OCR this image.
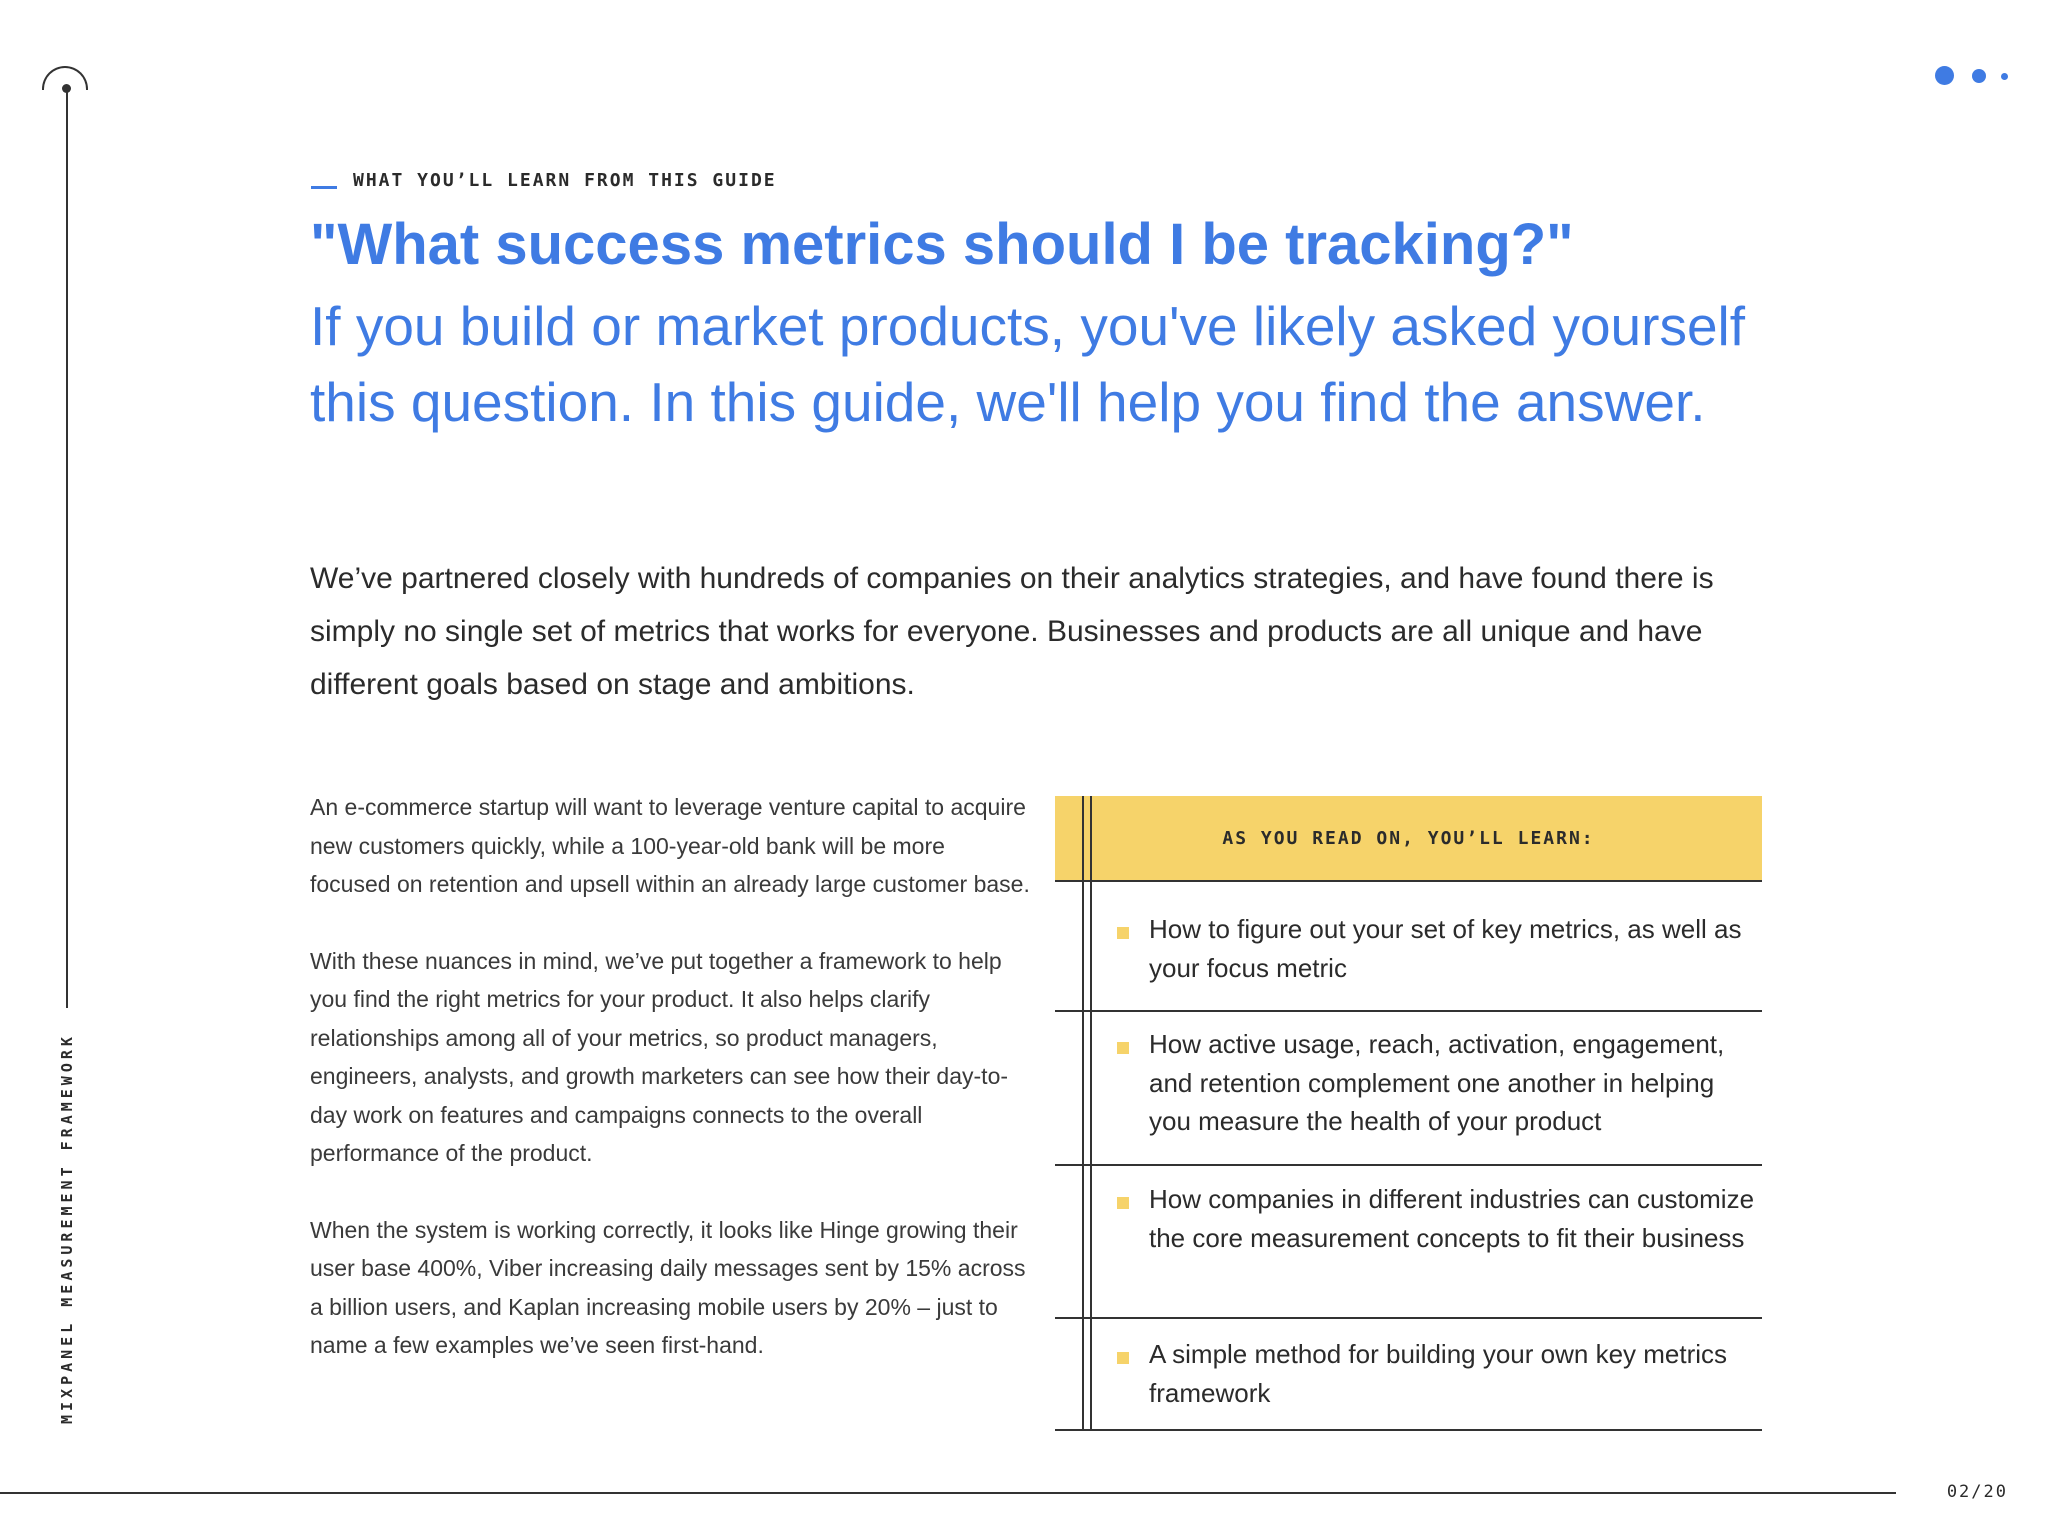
MIXPANEL MEASUREMENT FRAMEWORK
WHAT YOU’LL LEARN FROM THIS GUIDE
"What success metrics should I be tracking?"
If you build or market products, you've likely asked yourself this question. In this guide, we'll help you find the answer.

We’ve partnered closely with hundreds of companies on their analytics strategies, and have found there is simply no single set of metrics that works for everyone. Businesses and products are all unique and have different goals based on stage and ambitions.

An e-commerce startup will want to leverage venture capital to acquire new customers quickly, while a 100-year-old bank will be more focused on retention and upsell within an already large customer base.

With these nuances in mind, we’ve put together a framework to help you find the right metrics for your product. It also helps clarify relationships among all of your metrics, so product managers, engineers, analysts, and growth marketers can see how their day-to-day work on features and campaigns connects to the overall performance of the product.

When the system is working correctly, it looks like Hinge growing their user base 400%, Viber increasing daily messages sent by 15% across a billion users, and Kaplan increasing mobile users by 20% – just to name a few examples we’ve seen first-hand.

AS YOU READ ON, YOU’LL LEARN:
How to figure out your set of key metrics, as well as your focus metric
How active usage, reach, activation, engagement, and retention complement one another in helping you measure the health of your product
How companies in different industries can customize the core measurement concepts to fit their business
A simple method for building your own key metrics framework
02/20
